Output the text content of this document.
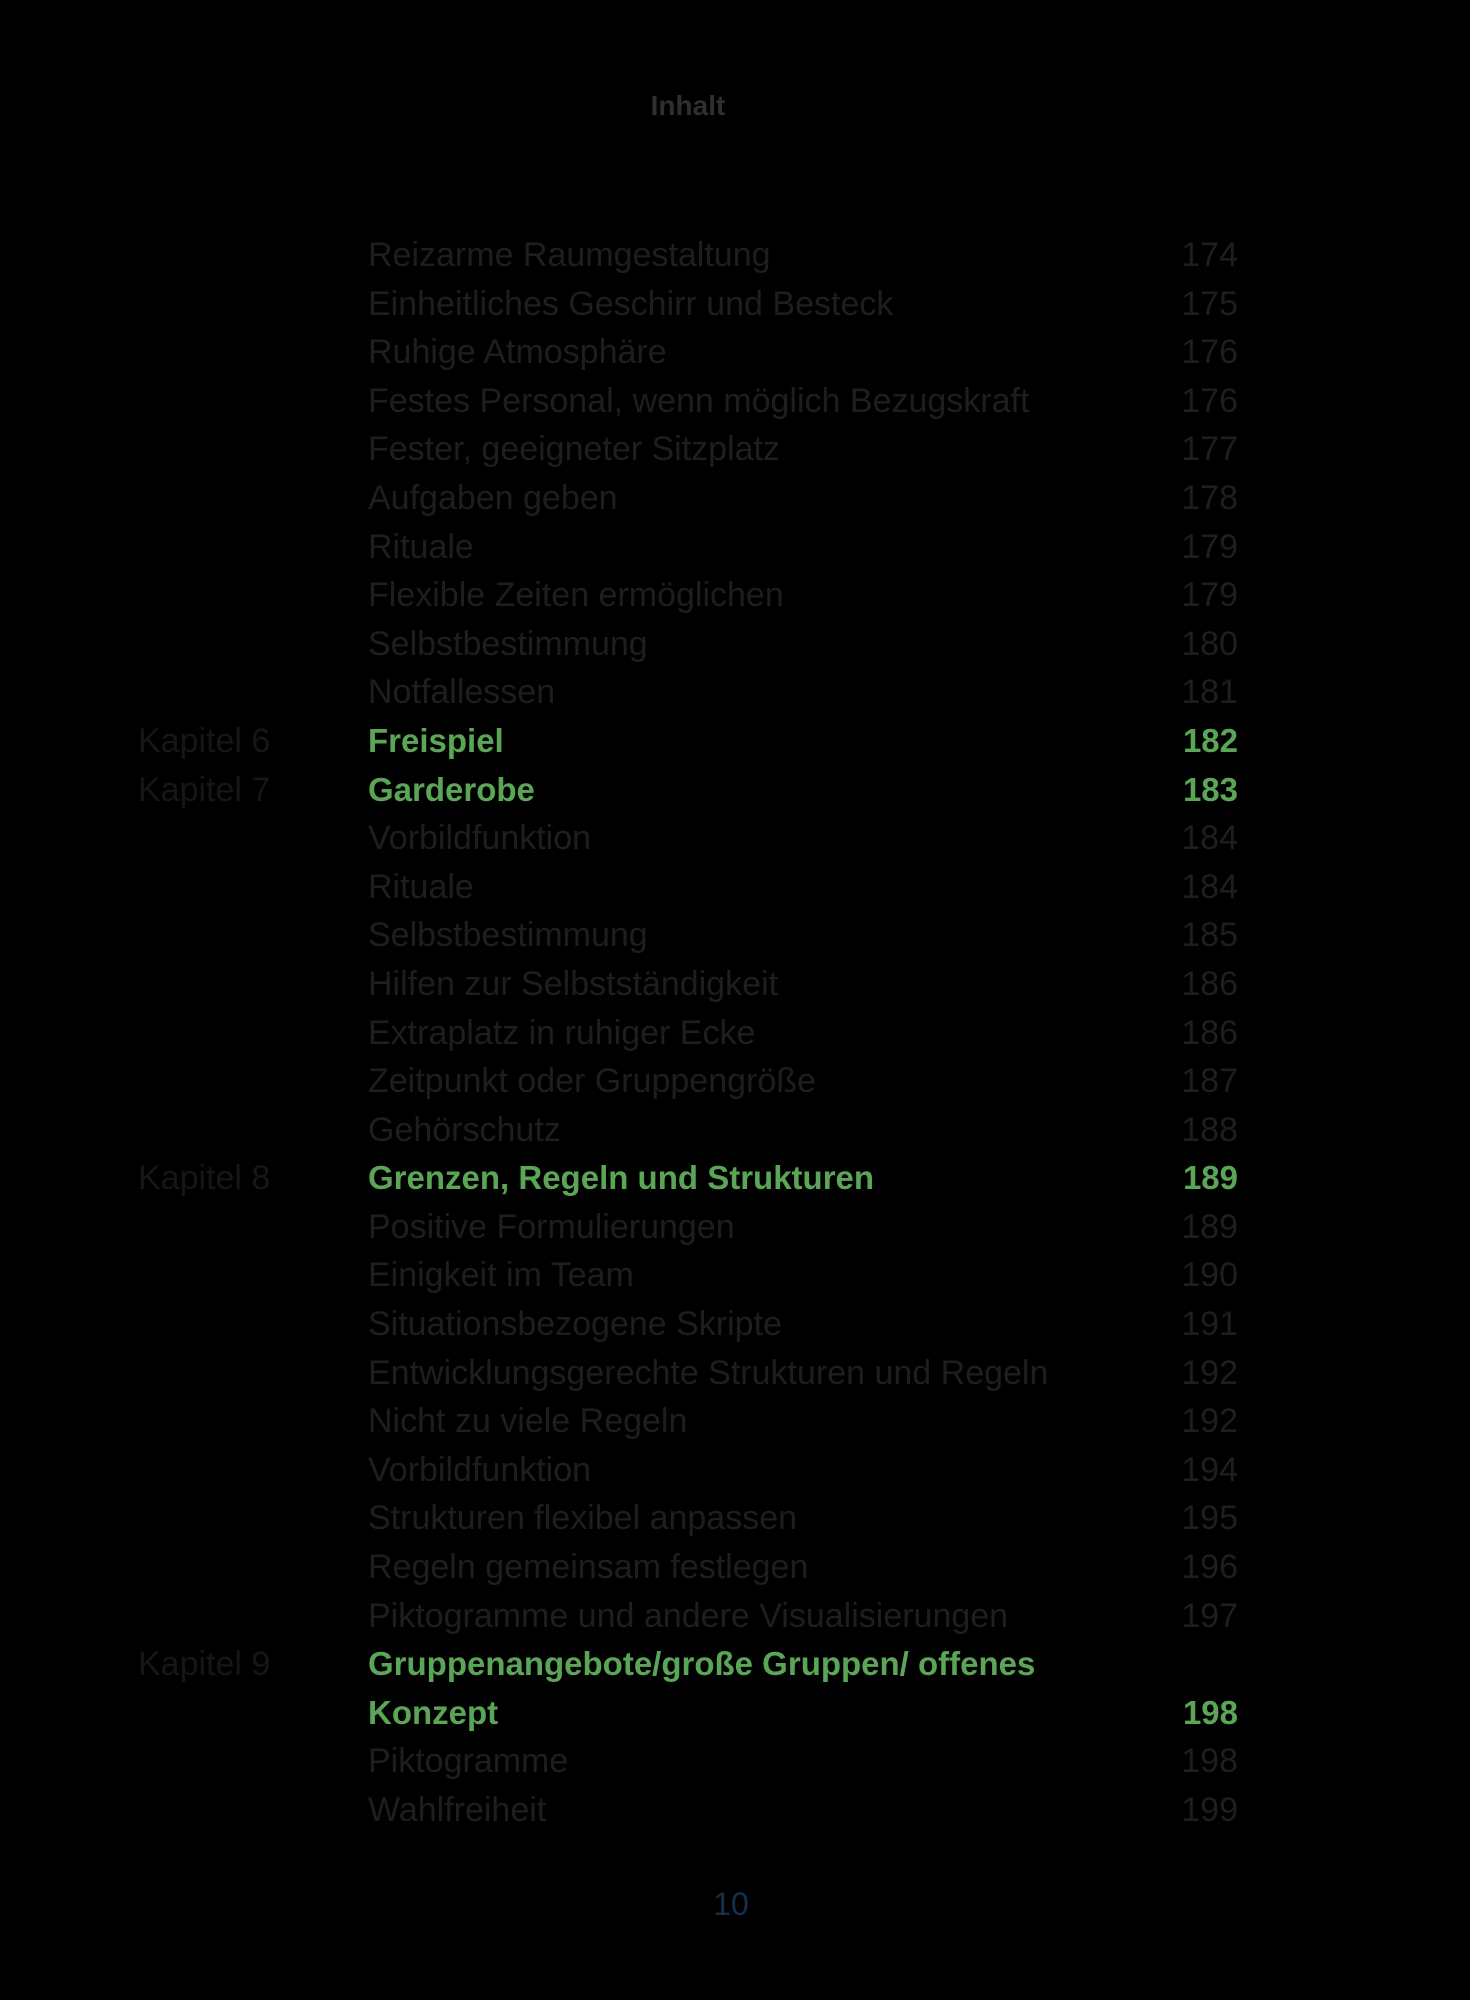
Inhalt
Reizarme Raumgestaltung	174
Einheitliches Geschirr und Besteck	175
Ruhige Atmosphäre	176
Festes Personal, wenn möglich Bezugskraft	176
Fester, geeigneter Sitzplatz	177
Aufgaben geben	178
Rituale	179
Flexible Zeiten ermöglichen	179
Selbstbestimmung	180
Notfallessen	181
Kapitel 6	Freispiel	182
Kapitel 7	Garderobe	183
Vorbildfunktion	184
Rituale	184
Selbstbestimmung	185
Hilfen zur Selbstständigkeit	186
Extraplatz in ruhiger Ecke	186
Zeitpunkt oder Gruppengröße	187
Gehörschutz	188
Kapitel 8	Grenzen, Regeln und Strukturen	189
Positive Formulierungen	189
Einigkeit im Team	190
Situationsbezogene Skripte	191
Entwicklungsgerechte Strukturen und Regeln	192
Nicht zu viele Regeln	192
Vorbildfunktion	194
Strukturen flexibel anpassen	195
Regeln gemeinsam festlegen	196
Piktogramme und andere Visualisierungen	197
Kapitel 9	Gruppenangebote/große Gruppen/ offenes Konzept	198
Piktogramme	198
Wahlfreiheit	199
10
